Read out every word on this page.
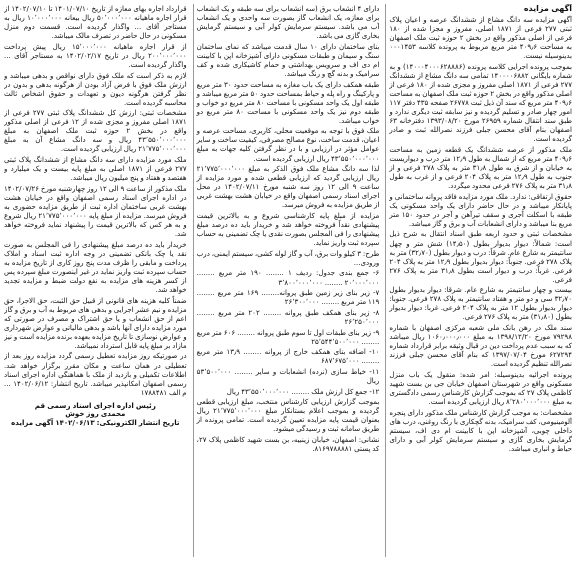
آگهی مزایده

آگهی مزایده سه دانگ مشاع از ششدانگ عرصه و اعیان پلاک ثبتی ۲۷۷ فرعی از ۱۸۷۱ اصلی، مفروز و مجزا شده از ۱۸۰ فرعی از اصلی مذکور واقع در بخش ۲ حوزه ثبت ملک اصفهان به مساحت ۴۰۹٫۶ متر مربع مربوط به پرونده کلاسه ۰۰۰۱۴۵۳ بدینوسیله نیست.

بموجب پرونده اجرایی کلاسه پرونده (۱۴۰۰۰۴۰۰۰۶۲۸۸۸۶) و به شماره بایگانی ۱۴۰۰۰۰۶۸۸۲ تمامی سه دانگ مشاع از ششدانگ ۲۷۷ فرعی از ۱۸۷۱ اصلی مفروز و مجزی شده از ۱۸۰ فرعی از اصلی مذکور واقع در بخش ۲ حوزه ثبت ملک اصفهان به مساحت ۴۰۹٫۶ متر مربع که سند آن ذیل ثبت ۲۶۷۷۸ صفحه ۴۳۵ دفتر ۱۱۷ امور چهار صادر و تسلیم گردیده و نیز سابقه ثبت دیگری ندارد و طبق سند انتقال شماره ۲۶۹۵۹ مورخ ۱۳۹۳/۰۸/۲۰ دفترخانه ۶۳ اصفهان بنام آقای محسن جبلی فرزند نصرالله ثبت و صادر گردیده است.

ملک مذکور از عرصه ششدانگ یک قطعه زمین به مساحت ۴۰۹٫۶ متر مربع که از شمال به طول ۱۲٫۹ متر درب و دیواریست به خیابان و از شرق به طول ۳۱٫۸ متر به پلاک ۲۷۸ فرعی و از جنوب به طول ۱۲٫۹ متر به پلاک ۲۰۴ فرعی و از غرب به طول ۳۱٫۸ متر به پلاک ۲۷۶ فرعی محدود میگردد.

حقوق ارتفاقی: ندارد. ملک مورد مزایده فاقد پروانه ساختمانی و پایانکار میباشد و در حال حاضر دارای یک واحد مسکونی یک طبقه با اسکلت آجری و سقف تیرآهن و آجر در حدود ۱۵۰ متر مربع بنا میباشد و دارای انشعابات آب و برق و گاز میباشد.

مشخصات ثبتی و حدود اربعه طبق اسناد انتقال به شرح ذیل است: شمالاً: دیوار بدیوار بطول (۱۴٫۵۰) شش متر و چهل سانتیمتر به شارع عام. شرقاً: درب و دیوار بطول (۳۲٫۷۰) متر به پلاک ۲۷۸ فرعی. جنوباً: دیوار بدیوار بطول ۱۲٫۹ متر به پلاک ۲۰۴ فرعی. غرباً: درب و دیوار است بطول ۳۱٫۸ متر به پلاک ۲۷۶ فرعی.

بیست و چهار سانتیمتر به شارع عام. شرقا: دیوار بدیوار بطول ۳۲٫۷۰ سی و دو متر و هفتاد سانتیمتر به پلاک ۲۷۸ فرعی. جنوبا: دیوار بدیوار بطول ۱۲ متر به پلاک ۲۰۴ فرعی. غربا: دیوار بدیوار بطول (۳۱٫۸۰) متر به پلاک ۲۷۶ فرعی.

سند ملک در رهن بانک ملی شعبه مرکزی اصفهان با شماره ۷۹۲۹۸ مورخ ۱۳۹۸/۱۲/۲۰ به مبلغ ۱۰۶۰٫۰۰۰٫۰۰۰ ریال میباشد که به سبب عدم پرداخت دین در قبال وثیقه برابر قرارداد شماره ۶۲۷۲۹۴ مورخ ۱۳۹۷/۰۷/۰۴ که بنام آقای محسن جبلی فرزند نصرالله تنظیم گردیده است.

پرونده اجرائیه بدینوسیله: امر شده: منقول یک باب منزل مسکونی واقع در شهرستان اصفهان خیابان جی بن بست شهید کاظمی پلاک ۲۷ که بموجب گزارش کارشناس رسمی دادگستری به مبلغ ۸٬۲۸۰٬۰۰۰٬۰۰۰ ریال ارزیابی گردیده است.

مشخصات: به موجب گزارش کارشناس ملک مذکور دارای پنجره آلومینیومی، کف سرامیک، بدنه گچکاری با رنگ روغنی، درب های داخلی چوبی، آشپزخانه اپن با کابینت ام دی اف، سیستم گرمایش بخاری گازی و سیستم سرمایش کولر آبی و دارای حیاط و انباری میباشد.

دارای ۴ انشعاب برق (سه انشعاب برای سه طبقه و یک انشعاب برای معازه، یک انشعاب گاز بصورت سه واحدی و یک انشعاب آب می باشد. سیستم سرمایش کولر آبی و سیستم گرمایش بخاری گازی می باشد.

بنای ساختمان دارای ۱۰ سال قدمت میباشد که نمای ساختمان سنگ و سیمان و طبقات مسکونی دارای آشپزخانه اپن با کابینت ام دی اف و سرویس بهداشتی و حمام کاشیکاری شده و کف سرامیک و بدنه گچ و رنگ میباشد.

طبقه همکف دارای یک باب مغازه به مساحت حدود ۳۰ متر مربع و پارکینگ و راه پله و حیاط بمساحت حدود ۵۰ متر مربع میباشد و طبقه اول یک واحد مسکونی با مساحت ۸۰ متر مربع دو خواب و طبقه دوم نیز یک واحد مسکونی با مساحت ۸۰ متر مربع دو خواب میباشد.

ملک فوق با توجه به موقعیت محلی، کاربری، مساحت عرصه و اعیان، قدمت ساخت، نوع مصالح مصرفی، کیفیت ساخت و سایر عوامل مؤثر در ارزیابی و با در نظر گرفتن کلیه جهات به مبلغ ۴۳٬۵۵۰٬۰۰۰٬۰۰۰ ریال ارزیابی گردیده است.

لذا سه دانگ مشاع ملک فوق الذکر به مبلغ ۲۱٬۷۷۵٬۰۰۰٬۰۰۰ ریال ارزیابی گردید که ارزیابی قطعی شده و مورد مزایده از ساعت ۹ الی ۱۲ روز سه شنبه مورخ ۱۴۰۲/۰۷/۱۱ در محل اجرای اسناد رسمی اصفهان واقع در خیابان هشت بهشت غربی از طریق مزایده به فروش میرسد.

مزایده از مبلغ پایه کارشناسی شروع و به بالاترین قیمت پیشنهادی نقداً فروخته خواهد شد و خریدار باید ده درصد مبلغ پیشنهادی را فی المجلس بصورت نقدی یا چک تضمینی به حساب سپرده ثبت واریز نماید.

طرح: ۳ کیلو وات برق، آب و گاز لوله کشی، سیستم ایمنی، درب ورودی...

۶- جمع بندی جدول: ردیف ۱ ........ ۱۹۰ متر مربع ........ ۲۰٬۰۰۰٬۰۰۰ ........ ۳٬۸۰۰٬۰۰۰٬۰۰۰

۷- زیر بنای زیر زمین طبق پروانه........ ۱۶۹ متر مربع ........ ۱۱۹ متر مربع ........ ۲۶٬۳۰۰٬۰۰۰

۸- زیر بنای همکف طبق پروانه ........ ۲۰۲ متر مربع ........ ۲۶٬۲۵۰٬۰۰۰

۹- زیر بنای طبقات اول تا سوم طبق پروانه ........ ۶۰۶ متر مربع ........ ۲۵٬۵۴۴٬۵۰۰٬۰۰۰

۱۰- اضافه بنای همکف خارج از پروانه ........ ۱۳٫۹ متر مربع ........ ۶۸۷٬۶۷۵٬۰۰۰

۱۱- خیاط سازی (نرده) انشعابات و سایر ........ ۵۳٬۵۰۰٬۰۰۰ ریال

۱۲- جمع کل ارزش ملک ........ ۴۳٬۵۵۰٬۰۰۰٬۰۰۰ ریال

بموجب گزارش ارزیابی کارشناس منتخب، مبلغ ارزیابی قطعی گردیده و بموجب اعلام بستانکار مبلغ ۲۱٬۷۷۵٬۰۰۰٬۰۰۰ ریال بعنوان قیمت پایه مزایده تعیین گردیده است. تمامی پرونده از طریق سامانه ثبت و رسیدگی میشود.

نشانی: اصفهان، خیابان زینبیه، بن بست شهید کاظمی پلاک ۲۷، کد پستی ۸۱۶۹۷۸۸۸۸۱.

قرارداد اجاره بهای معازه از تاریخ ۱۴۰۱/۰۷/۱۰ تا ۱۴۰۲/۰۷/۱۰ از قرار اجاره ماهیانه ۵۰٬۰۰۰٬۰۰۰ ریال بیعانه ۱۰٬۰۰۰٬۰۰۰ ریال به مستاجر آقای ... واگذار گردیده است. قسمت دوم منزل مسکونی در حال حاضر در تصرف مالک میباشد.

از قرار اجاره ماهیانه ۱۵٬۰۰۰٬۰۰۰ ریال پیش پرداخت ۲۰۰٬۰۰۰٬۰۰۰ ریال در تاریخ ۱۴۰۲/۰۲/۱۷ به مستاجر آقای ... واگذار گردیده است.

لازم به ذکر است که ملک فوق دارای نواقص و بدهی میباشد و ارزش ملک فوق با فرض آزاد بودن از هرگونه بدهی و بدون در نظر گرفتن هرگونه دیون و تعهدات و حقوق اشخاص ثالث محاسبه گردیده است.

مشخصات ثبتی: ارزش کل ششدانگ پلاک ثبتی ۲۷۷ فرعی از ۱۸۷۱ اصلی مفروز و مجزی شده از ۱۲ فرعی از اصلی مذکور واقع در بخش ۲ حوزه ثبت ملک اصفهان به مبلغ ۴۳٬۵۵۰٬۰۰۰٬۰۰۰ ریال و سه دانگ مشاع آن به مبلغ ۲۱٬۷۷۵٬۰۰۰٬۰۰۰ ریال ارزیابی گردیده است.

ملک مورد مزایده دارای سه دانگ مشاع از ششدانگ پلاک ثبتی ۲۷۷ فرعی از ۱۸۷۱ اصلی به مبلغ پایه بیست و یک میلیارد و هفتصد و هفتاد و پنج میلیون ریال میباشد.

ملک مذکور از ساعت ۹ الی ۱۲ روز چهارشنبه مورخ ۱۴۰۲/۰۷/۲۶ در اداره اجرای اسناد رسمی اصفهان واقع در خیابان هشت بهشت غربی ساختمان اداره ثبت از طریق مزایده حضوری به فروش میرسد. مزایده از مبلغ پایه ۲۱٬۷۷۵٬۰۰۰٬۰۰۰ ریال شروع و به هر کس که بالاترین قیمت را پیشنهاد نماید فروخته خواهد شد.

خریدار باید ده درصد مبلغ پیشنهادی را فی المجلس به صورت نقد یا چک بانکی تضمینی در وجه اداره ثبت اسناد و املاک پرداخت و مابقی را ظرف مدت پنج روز کاری از تاریخ مزایده به حساب سپرده ثبت واریز نماید در غیر اینصورت مبلغ سپرده پس از کسر هزینه های مزایده به نفع دولت ضبط و مزایده تجدید خواهد شد.

ضمناً کلیه هزینه های قانونی از قبیل حق الثبت، حق الاجرا، حق مزایده و نیم عشر اجرایی و بدهی های مربوط به آب و برق و گاز اعم از حق انشعاب و یا حق اشتراک و مصرف در صورتی که مورد مزایده دارای آنها باشد و بدهی مالیاتی و عوارض شهرداری و عوارض نوسازی تا تاریخ مزایده بعهده برنده مزایده است و نیز مازاد بر مبلغ پایه قابل استرداد نمیباشد.

در صورتیکه روز مزایده تعطیل رسمی گردد مزایده روز بعد از تعطیلی در همان ساعت و مکان مقرر برگزار خواهد شد. اطلاعات تکمیلی و بازدید از ملک با هماهنگی اداره اجرای اسناد رسمی اصفهان امکانپذیر میباشد. تاریخ انتشار: ۱۴۰۲/۰۶/۱۲ ... م الف ۱۷۸۸۴۸۱

رئیس اداره اجرای اسناد رسمی قم
محمدی روز خوش
تاریخ انتشار الکترونیکی: ۱۴۰۲/۰۶/۱۳ آگهی مزایده
